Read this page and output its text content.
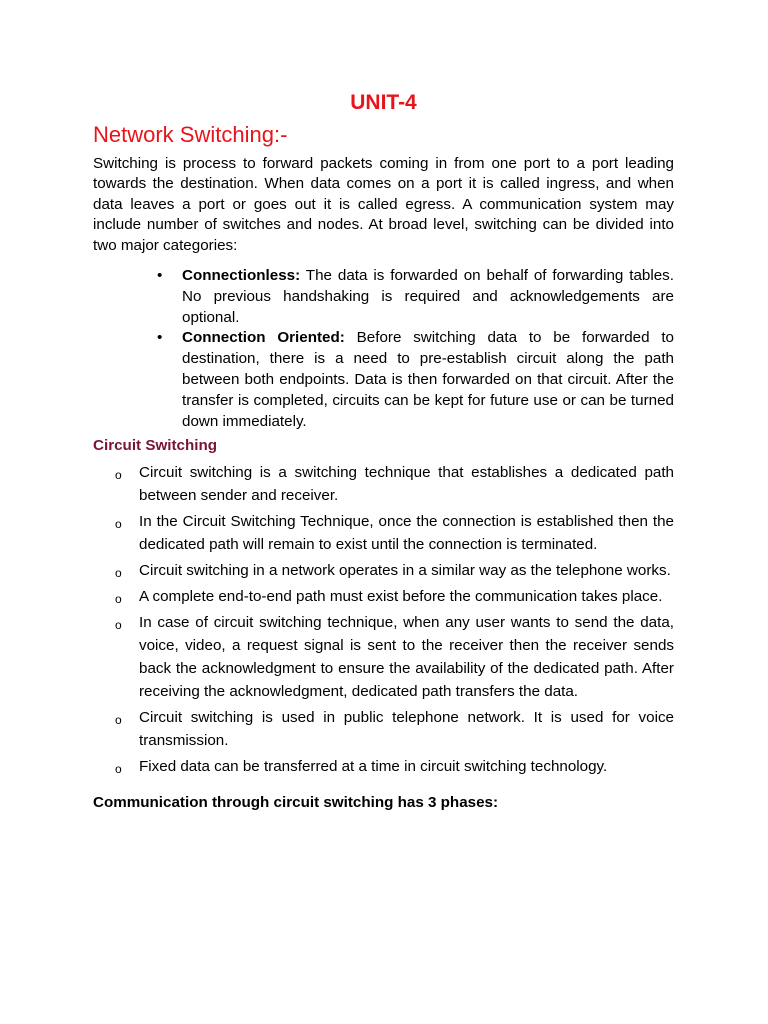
UNIT-4
Network Switching:-

Switching is process to forward packets coming in from one port to a port leading towards the destination. When data comes on a port it is called ingress, and when data leaves a port or goes out it is called egress. A communication system may include number of switches and nodes. At broad level, switching can be divided into two major categories:

• Connectionless: The data is forwarded on behalf of forwarding tables. No previous handshaking is required and acknowledgements are optional.
• Connection Oriented: Before switching data to be forwarded to destination, there is a need to pre-establish circuit along the path between both endpoints. Data is then forwarded on that circuit. After the transfer is completed, circuits can be kept for future use or can be turned down immediately.
Circuit Switching
o Circuit switching is a switching technique that establishes a dedicated path between sender and receiver.
o In the Circuit Switching Technique, once the connection is established then the dedicated path will remain to exist until the connection is terminated.
o Circuit switching in a network operates in a similar way as the telephone works.
o A complete end-to-end path must exist before the communication takes place.
o In case of circuit switching technique, when any user wants to send the data, voice, video, a request signal is sent to the receiver then the receiver sends back the acknowledgment to ensure the availability of the dedicated path. After receiving the acknowledgment, dedicated path transfers the data.
o Circuit switching is used in public telephone network. It is used for voice transmission.
o Fixed data can be transferred at a time in circuit switching technology.

Communication through circuit switching has 3 phases:
